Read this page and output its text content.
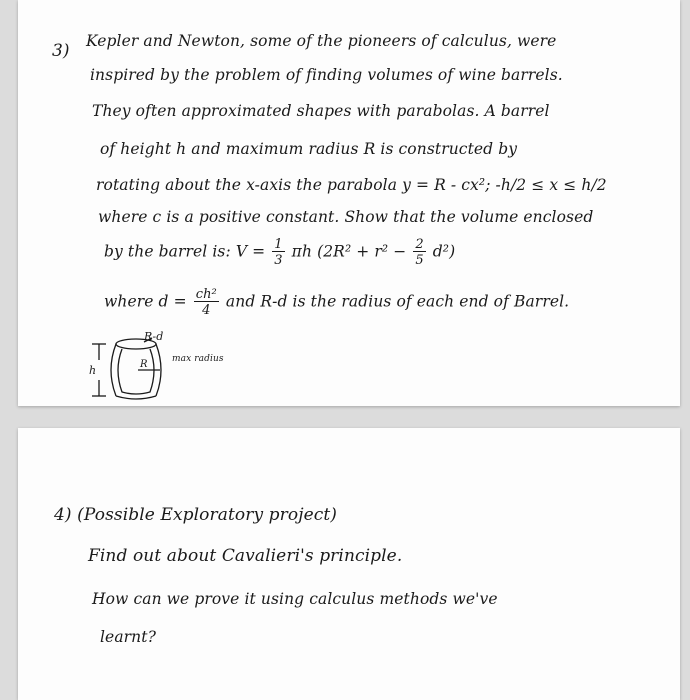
3) Kepler and Newton, some of the pioneers of calculus, were
inspired by the problem of finding volumes of wine barrels.
They often approximated shapes with parabolas. A barrel
of height h and maximum radius R is constructed by
rotating about the x-axis the parabola y = R - cx²; -h/2 ≤ x ≤ h/2
where c is a positive constant. Show that the volume enclosed
by the barrel is: $V = \frac{1}{3}$ πh $(2R^2 + r^2 - \frac{2}{5} d^2)$
where $d = \frac{\text{ch²}}{4}$ and R-d is the radius of each end of Barrel.
R-d
R
h
max radius
4) (Possible Exploratory project)
Find out about Cavalieri's principle.
How can we prove it using calculus methods we've
learnt?
